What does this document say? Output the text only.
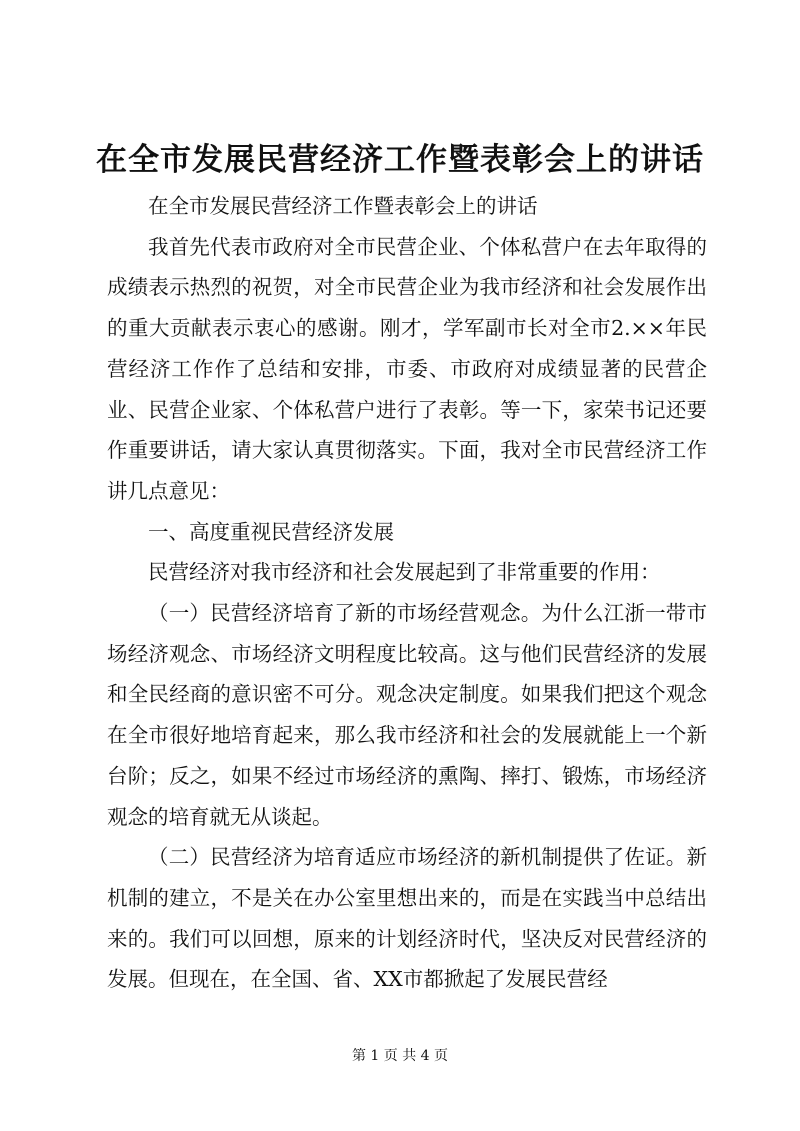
在全市发展民营经济工作暨表彰会上的讲话

在全市发展民营经济工作暨表彰会上的讲话

我首先代表市政府对全市民营企业、个体私营户在去年取得的成绩表示热烈的祝贺，对全市民营企业为我市经济和社会发展作出的重大贡献表示衷心的感谢。刚才，学军副市长对全市2.××年民营经济工作作了总结和安排，市委、市政府对成绩显著的民营企业、民营企业家、个体私营户进行了表彰。等一下，家荣书记还要作重要讲话，请大家认真贯彻落实。下面，我对全市民营经济工作讲几点意见：

一、高度重视民营经济发展

民营经济对我市经济和社会发展起到了非常重要的作用：

（一）民营经济培育了新的市场经营观念。为什么江浙一带市场经济观念、市场经济文明程度比较高。这与他们民营经济的发展和全民经商的意识密不可分。观念决定制度。如果我们把这个观念在全市很好地培育起来，那么我市经济和社会的发展就能上一个新台阶；反之，如果不经过市场经济的熏陶、摔打、锻炼，市场经济观念的培育就无从谈起。

（二）民营经济为培育适应市场经济的新机制提供了佐证。新机制的建立，不是关在办公室里想出来的，而是在实践当中总结出来的。我们可以回想，原来的计划经济时代，坚决反对民营经济的发展。但现在，在全国、省、XX市都掀起了发展民营经

第 1 页 共 4 页
